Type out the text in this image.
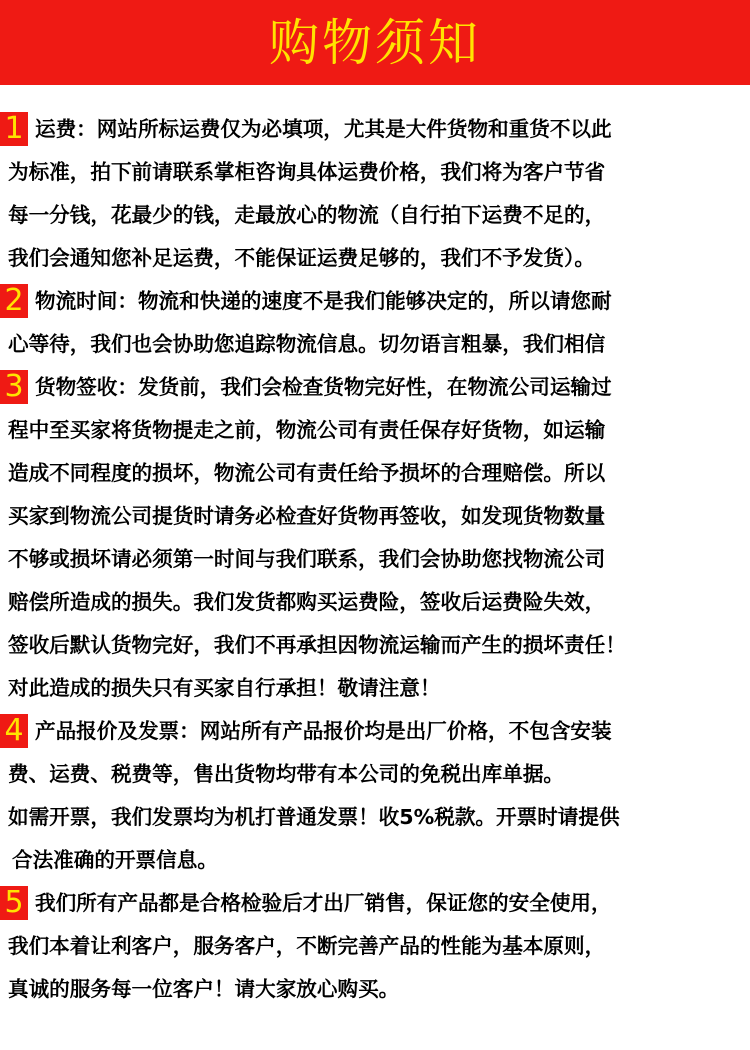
购物须知
1 运费：网站所标运费仅为必填项，尤其是大件货物和重货不以此
为标准，拍下前请联系掌柜咨询具体运费价格，我们将为客户节省
每一分钱，花最少的钱，走最放心的物流（自行拍下运费不足的，
我们会通知您补足运费，不能保证运费足够的，我们不予发货）。
2 物流时间：物流和快递的速度不是我们能够决定的，所以请您耐
心等待，我们也会协助您追踪物流信息。切勿语言粗暴，我们相信
3 货物签收：发货前，我们会检查货物完好性，在物流公司运输过
程中至买家将货物提走之前，物流公司有责任保存好货物，如运输
造成不同程度的损坏，物流公司有责任给予损坏的合理赔偿。所以
买家到物流公司提货时请务必检查好货物再签收，如发现货物数量
不够或损坏请必须第一时间与我们联系，我们会协助您找物流公司
赔偿所造成的损失。我们发货都购买运费险，签收后运费险失效，
签收后默认货物完好，我们不再承担因物流运输而产生的损坏责任！
对此造成的损失只有买家自行承担！敬请注意！
4 产品报价及发票：网站所有产品报价均是出厂价格，不包含安装
费、运费、税费等，售出货物均带有本公司的免税出库单据。
如需开票，我们发票均为机打普通发票！收5%税款。开票时请提供
合法准确的开票信息。
5 我们所有产品都是合格检验后才出厂销售，保证您的安全使用，
我们本着让利客户，服务客户，不断完善产品的性能为基本原则，
真诚的服务每一位客户！请大家放心购买。
